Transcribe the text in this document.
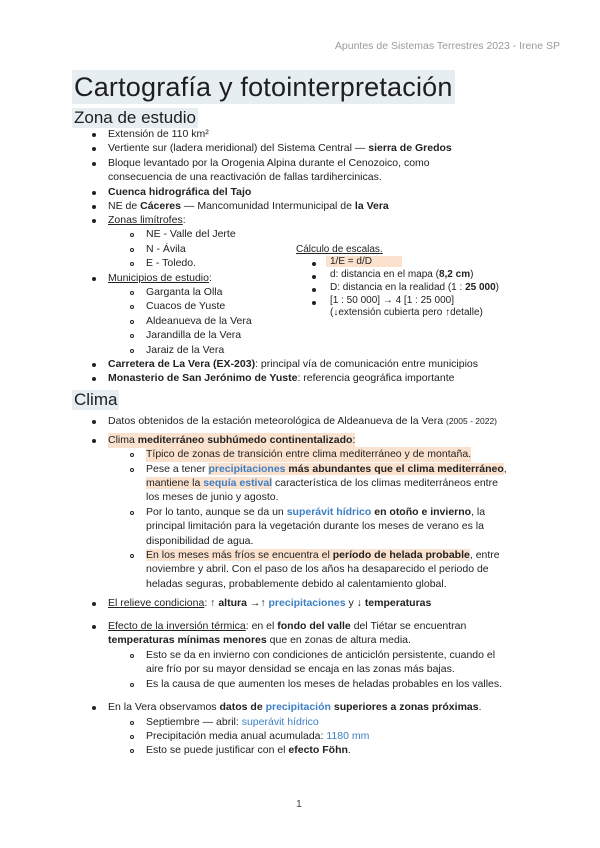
Apuntes de Sistemas Terrestres 2023 - Irene SP
Cartografía y fotointerpretación
Zona de estudio
Extensión de 110 km²
Vertiente sur (ladera meridional) del Sistema Central — sierra de Gredos
Bloque levantado por la Orogenia Alpina durante el Cenozoico, como
consecuencia de una reactivación de fallas tardihercinicas.
Cuenca hidrográfica del Tajo
NE de Cáceres — Mancomunidad Intermunicipal de la Vera
Zonas limítrofes:
NE - Valle del Jerte
N - Ávila
E - Toledo.
Municipios de estudio:
Garganta la Olla
Cuacos de Yuste
Aldeanueva de la Vera
Jarandilla de la Vera
Jaraiz de la Vera
Carretera de La Vera (EX-203): principal vía de comunicación entre municipios
Monasterio de San Jerónimo de Yuste: referencia geográfica importante
Cálculo de escalas.
1/E = d/D
d: distancia en el mapa (8,2 cm)
D: distancia en la realidad (1 : 25 000)
[1 : 50 000] → 4 [1 : 25 000]
(↓extensión cubierta pero ↑detalle)
Clima
Datos obtenidos de la estación meteorológica de Aldeanueva de la Vera (2005 - 2022)
Clima mediterráneo subhúmedo continentalizado:
Típico de zonas de transición entre clima mediterráneo y de montaña.
Pese a tener precipitaciones más abundantes que el clima mediterráneo,
mantiene la sequía estival característica de los climas mediterráneos entre
los meses de junio y agosto.
Por lo tanto, aunque se da un superávit hídrico en otoño e invierno, la
principal limitación para la vegetación durante los meses de verano es la
disponibilidad de agua.
En los meses más fríos se encuentra el período de helada probable, entre
noviembre y abril. Con el paso de los años ha desaparecido el periodo de
heladas seguras, probablemente debido al calentamiento global.
El relieve condiciona: ↑ altura →↑ precipitaciones y ↓ temperaturas
Efecto de la inversión térmica: en el fondo del valle del Tiétar se encuentran
temperaturas mínimas menores que en zonas de altura media.
Esto se da en invierno con condiciones de anticiclón persistente, cuando el
aire frío por su mayor densidad se encaja en las zonas más bajas.
Es la causa de que aumenten los meses de heladas probables en los valles.
En la Vera observamos datos de precipitación superiores a zonas próximas.
Septiembre — abril: superávit hídrico
Precipitación media anual acumulada: 1180 mm
Esto se puede justificar con el efecto Föhn.
1
